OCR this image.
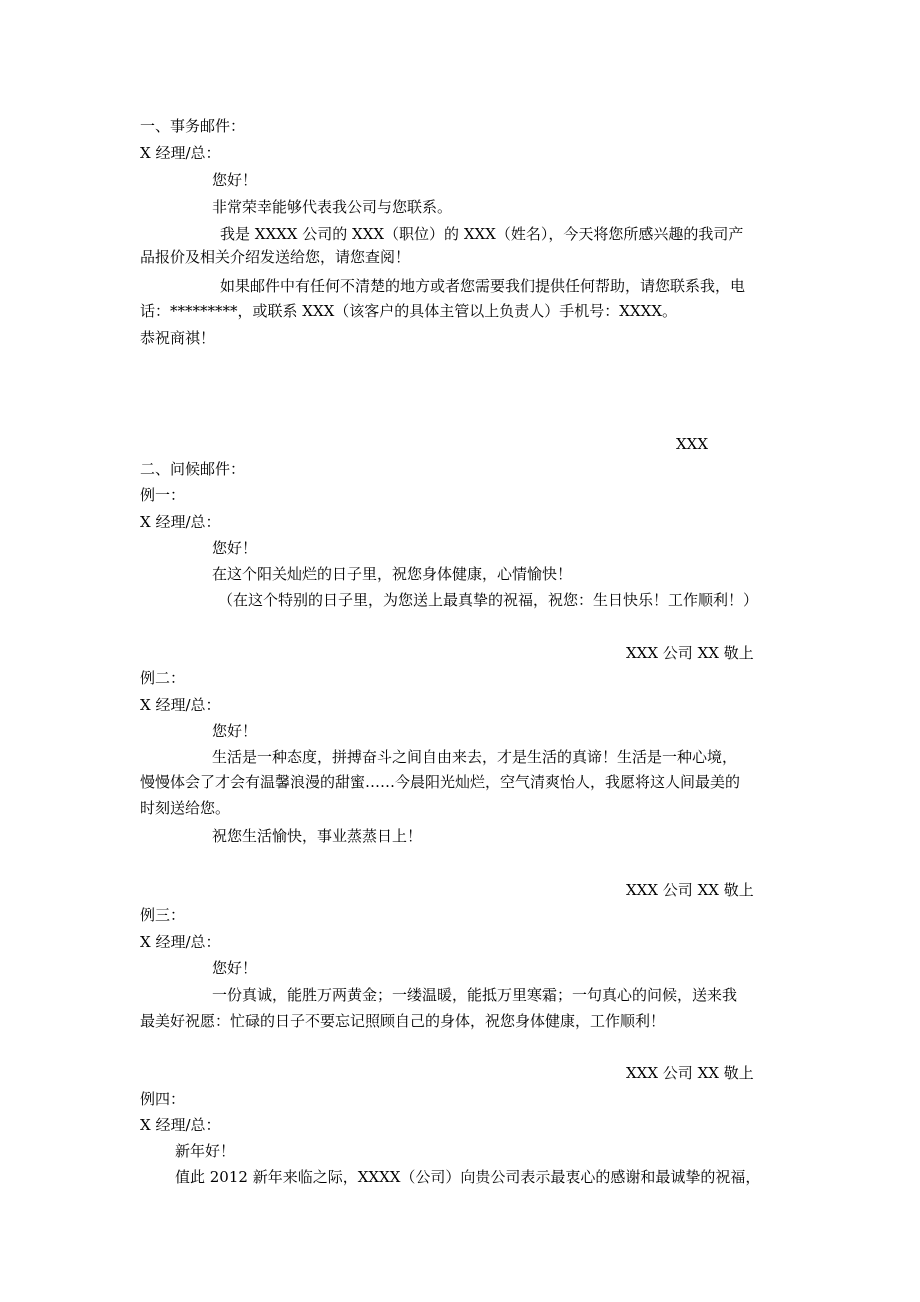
一、事务邮件：
X 经理/总：
您好！
非常荣幸能够代表我公司与您联系。
我是 XXXX 公司的 XXX（职位）的 XXX（姓名），今天将您所感兴趣的我司产
品报价及相关介绍发送给您，请您查阅！
如果邮件中有任何不清楚的地方或者您需要我们提供任何帮助，请您联系我，电
话：*********，或联系 XXX（该客户的具体主管以上负责人）手机号：XXXX。
恭祝商祺！
XXX
二、问候邮件：
例一：
X 经理/总：
您好！
在这个阳关灿烂的日子里，祝您身体健康，心情愉快！
（在这个特别的日子里，为您送上最真挚的祝福，祝您：生日快乐！工作顺利！）
XXX 公司 XX 敬上
例二：
X 经理/总：
您好！
生活是一种态度，拼搏奋斗之间自由来去，才是生活的真谛！生活是一种心境，
慢慢体会了才会有温馨浪漫的甜蜜……今晨阳光灿烂，空气清爽怡人，我愿将这人间最美的
时刻送给您。
祝您生活愉快，事业蒸蒸日上！
XXX 公司 XX 敬上
例三：
X 经理/总：
您好！
一份真诚，能胜万两黄金；一缕温暖，能抵万里寒霜；一句真心的问候，送来我
最美好祝愿：忙碌的日子不要忘记照顾自己的身体，祝您身体健康，工作顺利！
XXX 公司 XX 敬上
例四：
X 经理/总：
新年好！
值此 2012 新年来临之际，XXXX（公司）向贵公司表示最衷心的感谢和最诚挚的祝福，
